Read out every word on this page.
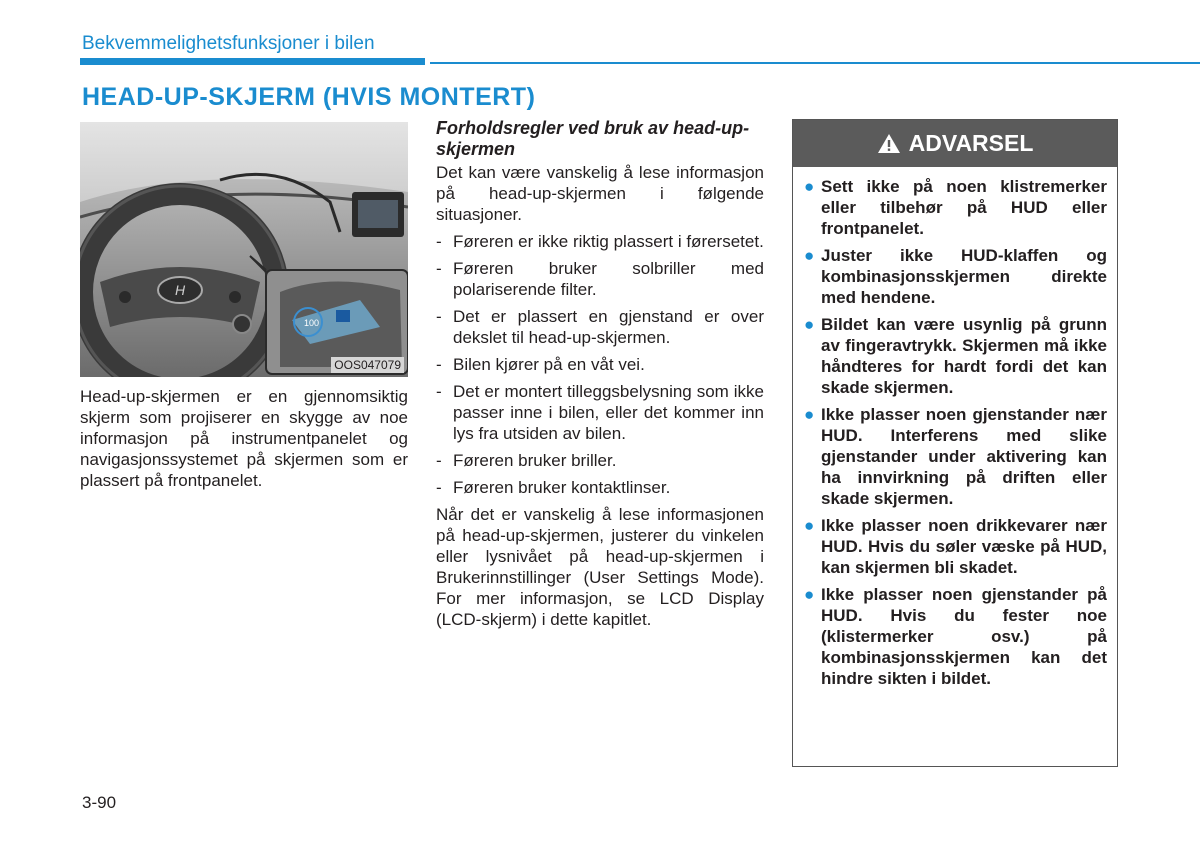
Bekvemmelighetsfunksjoner i bilen
HEAD-UP-SKJERM (HVIS MONTERT)
H
100
OOS047079
Head-up-skjermen er en gjennomsiktig skjerm som projiserer en skygge av noe informasjon på instrumentpanelet og navigasjonssystemet på skjermen som er plassert på frontpanelet.
Forholdsregler ved bruk av head-up-skjermen
Det kan være vanskelig å lese informasjon på head-up-skjermen i følgende situasjoner.
- Føreren er ikke riktig plassert i førersetet.
- Føreren bruker solbriller med polariserende filter.
- Det er plassert en gjenstand er over dekslet til head-up-skjermen.
- Bilen kjører på en våt vei.
- Det er montert tilleggsbelysning som ikke passer inne i bilen, eller det kommer inn lys fra utsiden av bilen.
- Føreren bruker briller.
- Føreren bruker kontaktlinser.
Når det er vanskelig å lese informasjonen på head-up-skjermen, justerer du vinkelen eller lysnivået på head-up-skjermen i Brukerinnstillinger (User Settings Mode). For mer informasjon, se LCD Display (LCD-skjerm) i dette kapitlet.
ADVARSEL
● Sett ikke på noen klistremerker eller tilbehør på HUD eller frontpanelet.
● Juster ikke HUD-klaffen og kombinasjonsskjermen direkte med hendene.
● Bildet kan være usynlig på grunn av fingeravtrykk. Skjermen må ikke håndteres for hardt fordi det kan skade skjermen.
● Ikke plasser noen gjenstander nær HUD. Interferens med slike gjenstander under aktivering kan ha innvirkning på driften eller skade skjermen.
● Ikke plasser noen drikkevarer nær HUD. Hvis du søler væske på HUD, kan skjermen bli skadet.
● Ikke plasser noen gjenstander på HUD. Hvis du fester noe (klistermerker osv.) på kombinasjonsskjermen kan det hindre sikten i bildet.
3-90
